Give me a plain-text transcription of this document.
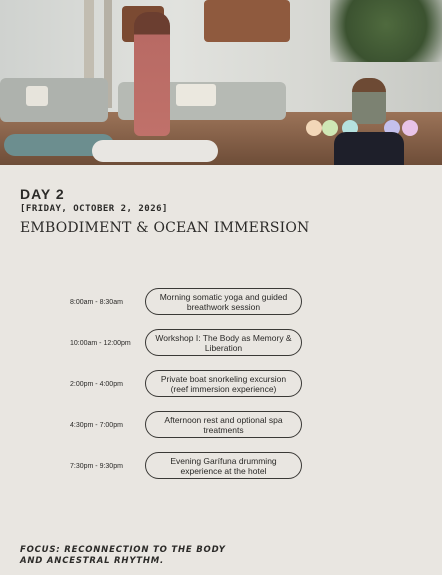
DAY 2
[FRIDAY, OCTOBER 2, 2026]
EMBODIMENT & OCEAN IMMERSION
8:00am - 8:30am
Morning somatic yoga and guided breathwork session
10:00am - 12:00pm
Workshop I: The Body as Memory & Liberation
2:00pm - 4:00pm
Private boat snorkeling excursion (reef immersion experience)
4:30pm - 7:00pm
Afternoon rest and optional spa treatments
7:30pm - 9:30pm
Evening Garífuna drumming experience at the hotel
FOCUS: RECONNECTION TO THE BODY
AND ANCESTRAL RHYTHM.
